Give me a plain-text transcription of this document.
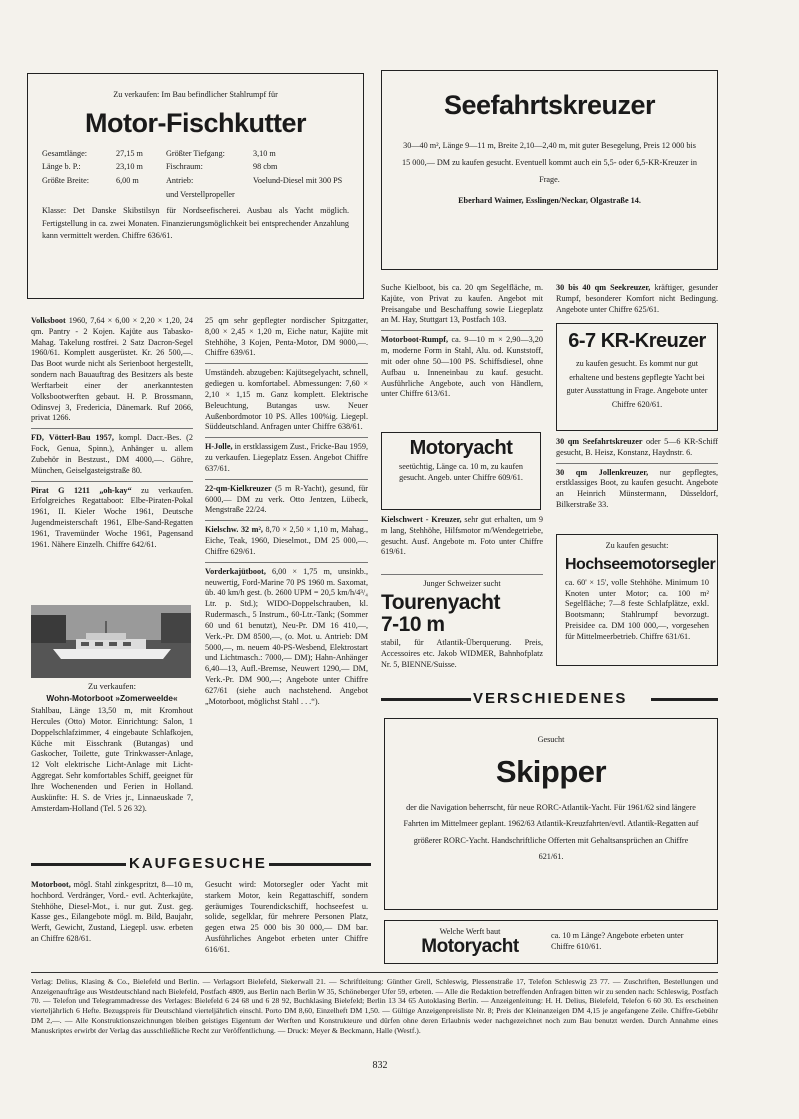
Zu verkaufen: Im Bau befindlicher Stahlrumpf für

Motor-Fischkutter

Gesamtlänge:	27,15 m	Größter Tiefgang:	3,10 m
Länge b. P.:	23,10 m	Fischraum:	98 cbm
Größte Breite:	6,00 m	Antrieb:	Voelund-Diesel mit 300 PS
und Verstellpropeller

Klasse: Det Danske Skibstilsyn für Nordseefischerei. Ausbau als Yacht möglich. Fertigstellung in ca. zwei Monaten. Finanzierungsmöglichkeit bei entsprechender Anzahlung kann vermittelt werden. Chiffre 636/61.

Seefahrtskreuzer

30—40 m², Länge 9—11 m, Breite 2,10—2,40 m, mit guter Besegelung, Preis 12 000 bis 15 000,— DM zu kaufen gesucht. Eventuell kommt auch ein 5,5- oder 6,5-KR-Kreuzer in Frage.

Eberhard Waimer, Esslingen/Neckar, Olgastraße 14.

Volksboot 1960, 7,64 × 6,00 × 2,20 × 1,20, 24 qm. Pantry - 2 Kojen. Kajüte aus Tabasko-Mahag. Takelung rostfrei. 2 Satz Dacron-Segel 1960/61. Komplett ausgerüstet. Kr. 26 500,—. Das Boot wurde nicht als Serienboot hergestellt, sondern nach Bauauftrag des Besitzers als beste Werftarbeit einer der anerkanntesten Volksbootwerften gebaut. H. P. Brossmann, Odinsvej 3, Fredericia, Dänemark. Ruf 2066, privat 1266.

FD, Vötterl-Bau 1957, kompl. Dacr.-Bes. (2 Fock, Genua, Spinn.), Anhänger u. allem Zubehör in Bestzust., DM 4000,—. Göhre, München, Geiselgasteigstraße 80.

Pirat G 1211 „oh-kay“ zu verkaufen. Erfolgreiches Regattaboot: Elbe-Piraten-Pokal 1961, II. Kieler Woche 1961, Deutsche Jugendmeisterschaft 1961, Elbe-Sand-Regatten 1961, Travemünder Woche 1961, Pagensand 1961. Nähere Einzelh. Chiffre 642/61.

Zu verkaufen:

Wohn-Motorboot »Zomerweelde«

Stahlbau, Länge 13,50 m, mit Kromhout Hercules (Otto) Motor. Einrichtung: Salon, 1 Doppelschlafzimmer, 4 eingebaute Schlafkojen, Küche mit Eisschrank (Butangas) und Gaskocher, Toilette, gute Trinkwasser-Anlage, 12 Volt elektrische Licht-Anlage mit Licht-Aggregat. Sehr komfortables Schiff, geeignet für Ihre Wochenenden und Ferien in Holland. Auskünfte: H. S. de Vries jr., Linnaeuskade 7, Amsterdam-Holland (Tel. 5 26 32).

25 qm sehr gepflegter nordischer Spitzgatter, 8,00 × 2,45 × 1,20 m, Eiche natur, Kajüte mit Stehhöhe, 3 Kojen, Penta-Motor, DM 9000,—. Chiffre 639/61.

Umständeh. abzugeben: Kajütsegelyacht, schnell, gediegen u. komfortabel. Abmessungen: 7,60 × 2,10 × 1,15 m. Ganz komplett. Elektrische Beleuchtung, Butangas usw. Neuer Außenbordmotor 10 PS. Alles 100%ig. Liegepl. Süddeutschland. Anfragen unter Chiffre 638/61.

H-Jolle, in erstklassigem Zust., Fricke-Bau 1959, zu verkaufen. Liegeplatz Essen. Angebot Chiffre 637/61.

22-qm-Kielkreuzer (5 m R-Yacht), gesund, für 6000,— DM zu verk. Otto Jentzen, Lübeck, Mengstraße 22/24.

Kielschw. 32 m², 8,70 × 2,50 × 1,10 m, Mahag., Eiche, Teak, 1960, Dieselmot., DM 25 000,—. Chiffre 629/61.

Vorderkajütboot, 6,00 × 1,75 m, unsinkb., neuwertig, Ford-Marine 70 PS 1960 m. Saxomat, üb. 40 km/h gest. (b. 2600 UPM = 20,5 km/h/4³/₄ Ltr. p. Std.); WIDO-Doppelschrauben, kl. Rudermasch., 5 Instrum., 60-Ltr.-Tank; (Sommer 60 und 61 benutzt), Neu-Pr. DM 16 410,—, Verk.-Pr. DM 8500,—, (o. Mot. u. Antrieb: DM 5000,—, m. neuem 40-PS-Wesbend, Elektrostart und Lichtmasch.: 7000,— DM); Hahn-Anhänger 6,40—13, Aufl.-Bremse, Neuwert 1290,— DM, Verk.-Pr. DM 900,—; Angebote unter Chiffre 627/61 (siehe auch nachstehend. Angebot „Motorboot, möglichst Stahl . . .“).

Suche Kielboot, bis ca. 20 qm Segelfläche, m. Kajüte, von Privat zu kaufen. Angebot mit Preisangabe und Beschaffung sowie Liegeplatz an M. Hay, Stuttgart 13, Postfach 103.

Motorboot-Rumpf, ca. 9—10 m × 2,90—3,20 m, moderne Form in Stahl, Alu. od. Kunststoff, mit oder ohne 50—100 PS. Schiffsdiesel, ohne Aufbau u. Inneneinbau zu kauf. gesucht. Ausführliche Angebote, auch von Händlern, unter Chiffre 613/61.

Motoryacht

seetüchtig, Länge ca. 10 m, zu kaufen gesucht. Angeb. unter Chiffre 609/61.

Kielschwert - Kreuzer, sehr gut erhalten, um 9 m lang, Stehhöhe, Hilfsmotor m/Wendegetriebe, gesucht. Ausf. Angebote m. Foto unter Chiffre 619/61.

Junger Schweizer sucht

Tourenyacht

7-10 m

stabil, für Atlantik-Überquerung. Preis, Accessoires etc. Jakob WIDMER, Bahnhofplatz Nr. 5, BIENNE/Suisse.

30 bis 40 qm Seekreuzer, kräftiger, gesunder Rumpf, besonderer Komfort nicht Bedingung. Angebote unter Chiffre 625/61.

6-7 KR-Kreuzer

zu kaufen gesucht. Es kommt nur gut erhaltene und bestens gepflegte Yacht bei guter Ausstattung in Frage. Angebote unter Chiffre 620/61.

30 qm Seefahrtskreuzer oder 5—6 KR-Schiff gesucht, B. Heisz, Konstanz, Haydnstr. 6.

30 qm Jollenkreuzer, nur gepflegtes, erstklassiges Boot, zu kaufen gesucht. Angebote an Heinrich Münstermann, Düsseldorf, Bilkerstraße 33.

Zu kaufen gesucht:

Hochseemotorsegler

ca. 60' × 15', volle Stehhöhe. Minimum 10 Knoten unter Motor; ca. 100 m² Segelfläche; 7—8 feste Schlafplätze, exkl. Bootsmann; Stahlrumpf bevorzugt. Preisidee ca. DM 100 000,—, vorgesehen für Mittelmeerbetrieb. Chiffre 631/61.

VERSCHIEDENES

Gesucht

Skipper

der die Navigation beherrscht, für neue RORC-Atlantik-Yacht. Für 1961/62 sind längere Fahrten im Mittelmeer geplant. 1962/63 Atlantik-Kreuzfahrten/evtl. Atlantik-Regatten auf größerer RORC-Yacht. Handschriftliche Offerten mit Gehaltsansprüchen an Chiffre 621/61.

KAUFGESUCHE

Motorboot, mögl. Stahl zinkgespritzt, 8—10 m, hochbord. Verdränger, Vord.- evtl. Achterkajüte, Stehhöhe, Diesel-Mot., i. nur gut. Zust. geg. Kasse ges., Eilangebote mögl. m. Bild, Baujahr, Werft, Gewicht, Zustand, Liegepl. usw. erbeten an Chiffre 628/61.

Gesucht wird: Motorsegler oder Yacht mit starkem Motor, kein Regattaschiff, sondern geräumiges Tourendickschiff, hochseefest u. solide, segelklar, für mehrere Personen Platz, gegen etwa 25 000 bis 30 000,— DM bar. Ausführliches Angebot erbeten unter Chiffre 616/61.

Welche Werft baut

Motoryacht

ca. 10 m Länge? Angebote erbeten unter Chiffre 610/61.

Verlag: Delius, Klasing & Co., Bielefeld und Berlin. — Verlagsort Bielefeld, Siekerwall 21. — Schriftleitung: Günther Grell, Schleswig, Plessenstraße 17, Telefon Schleswig 23 77. — Zuschriften, Bestellungen und Anzeigenaufträge aus Westdeutschland nach Bielefeld, Postfach 4809, aus Berlin nach Berlin W 35, Schöneberger Ufer 59, erbeten. — Alle die Redaktion betreffenden Anfragen bitten wir zu senden nach: Schleswig, Postfach 70. — Telefon und Telegrammadresse des Verlages: Bielefeld 6 24 68 und 6 28 92, Buchklasing Bielefeld; Berlin 13 34 65 Autoklasing Berlin. — Anzeigenleitung: H. H. Delius, Bielefeld, Telefon 6 60 30. Es erscheinen vierteljährlich 6 Hefte. Bezugspreis für Deutschland vierteljährlich einschl. Porto DM 8,60, Einzelheft DM 1,50. — Gültige Anzeigenpreisliste Nr. 8; Preis der Kleinanzeigen DM 4,15 je angefangene Zeile. Chiffre-Gebühr DM 2,—. — Alle Konstruktionszeichnungen bleiben geistiges Eigentum der Werften und Konstrukteure und dürfen ohne deren Erlaubnis weder nachgezeichnet noch zum Bau benutzt werden. Durch Annahme eines Manuskriptes erwirbt der Verlag das ausschließliche Recht zur Veröffentlichung. — Druck: Meyer & Beckmann, Halle (Westf.).

832
